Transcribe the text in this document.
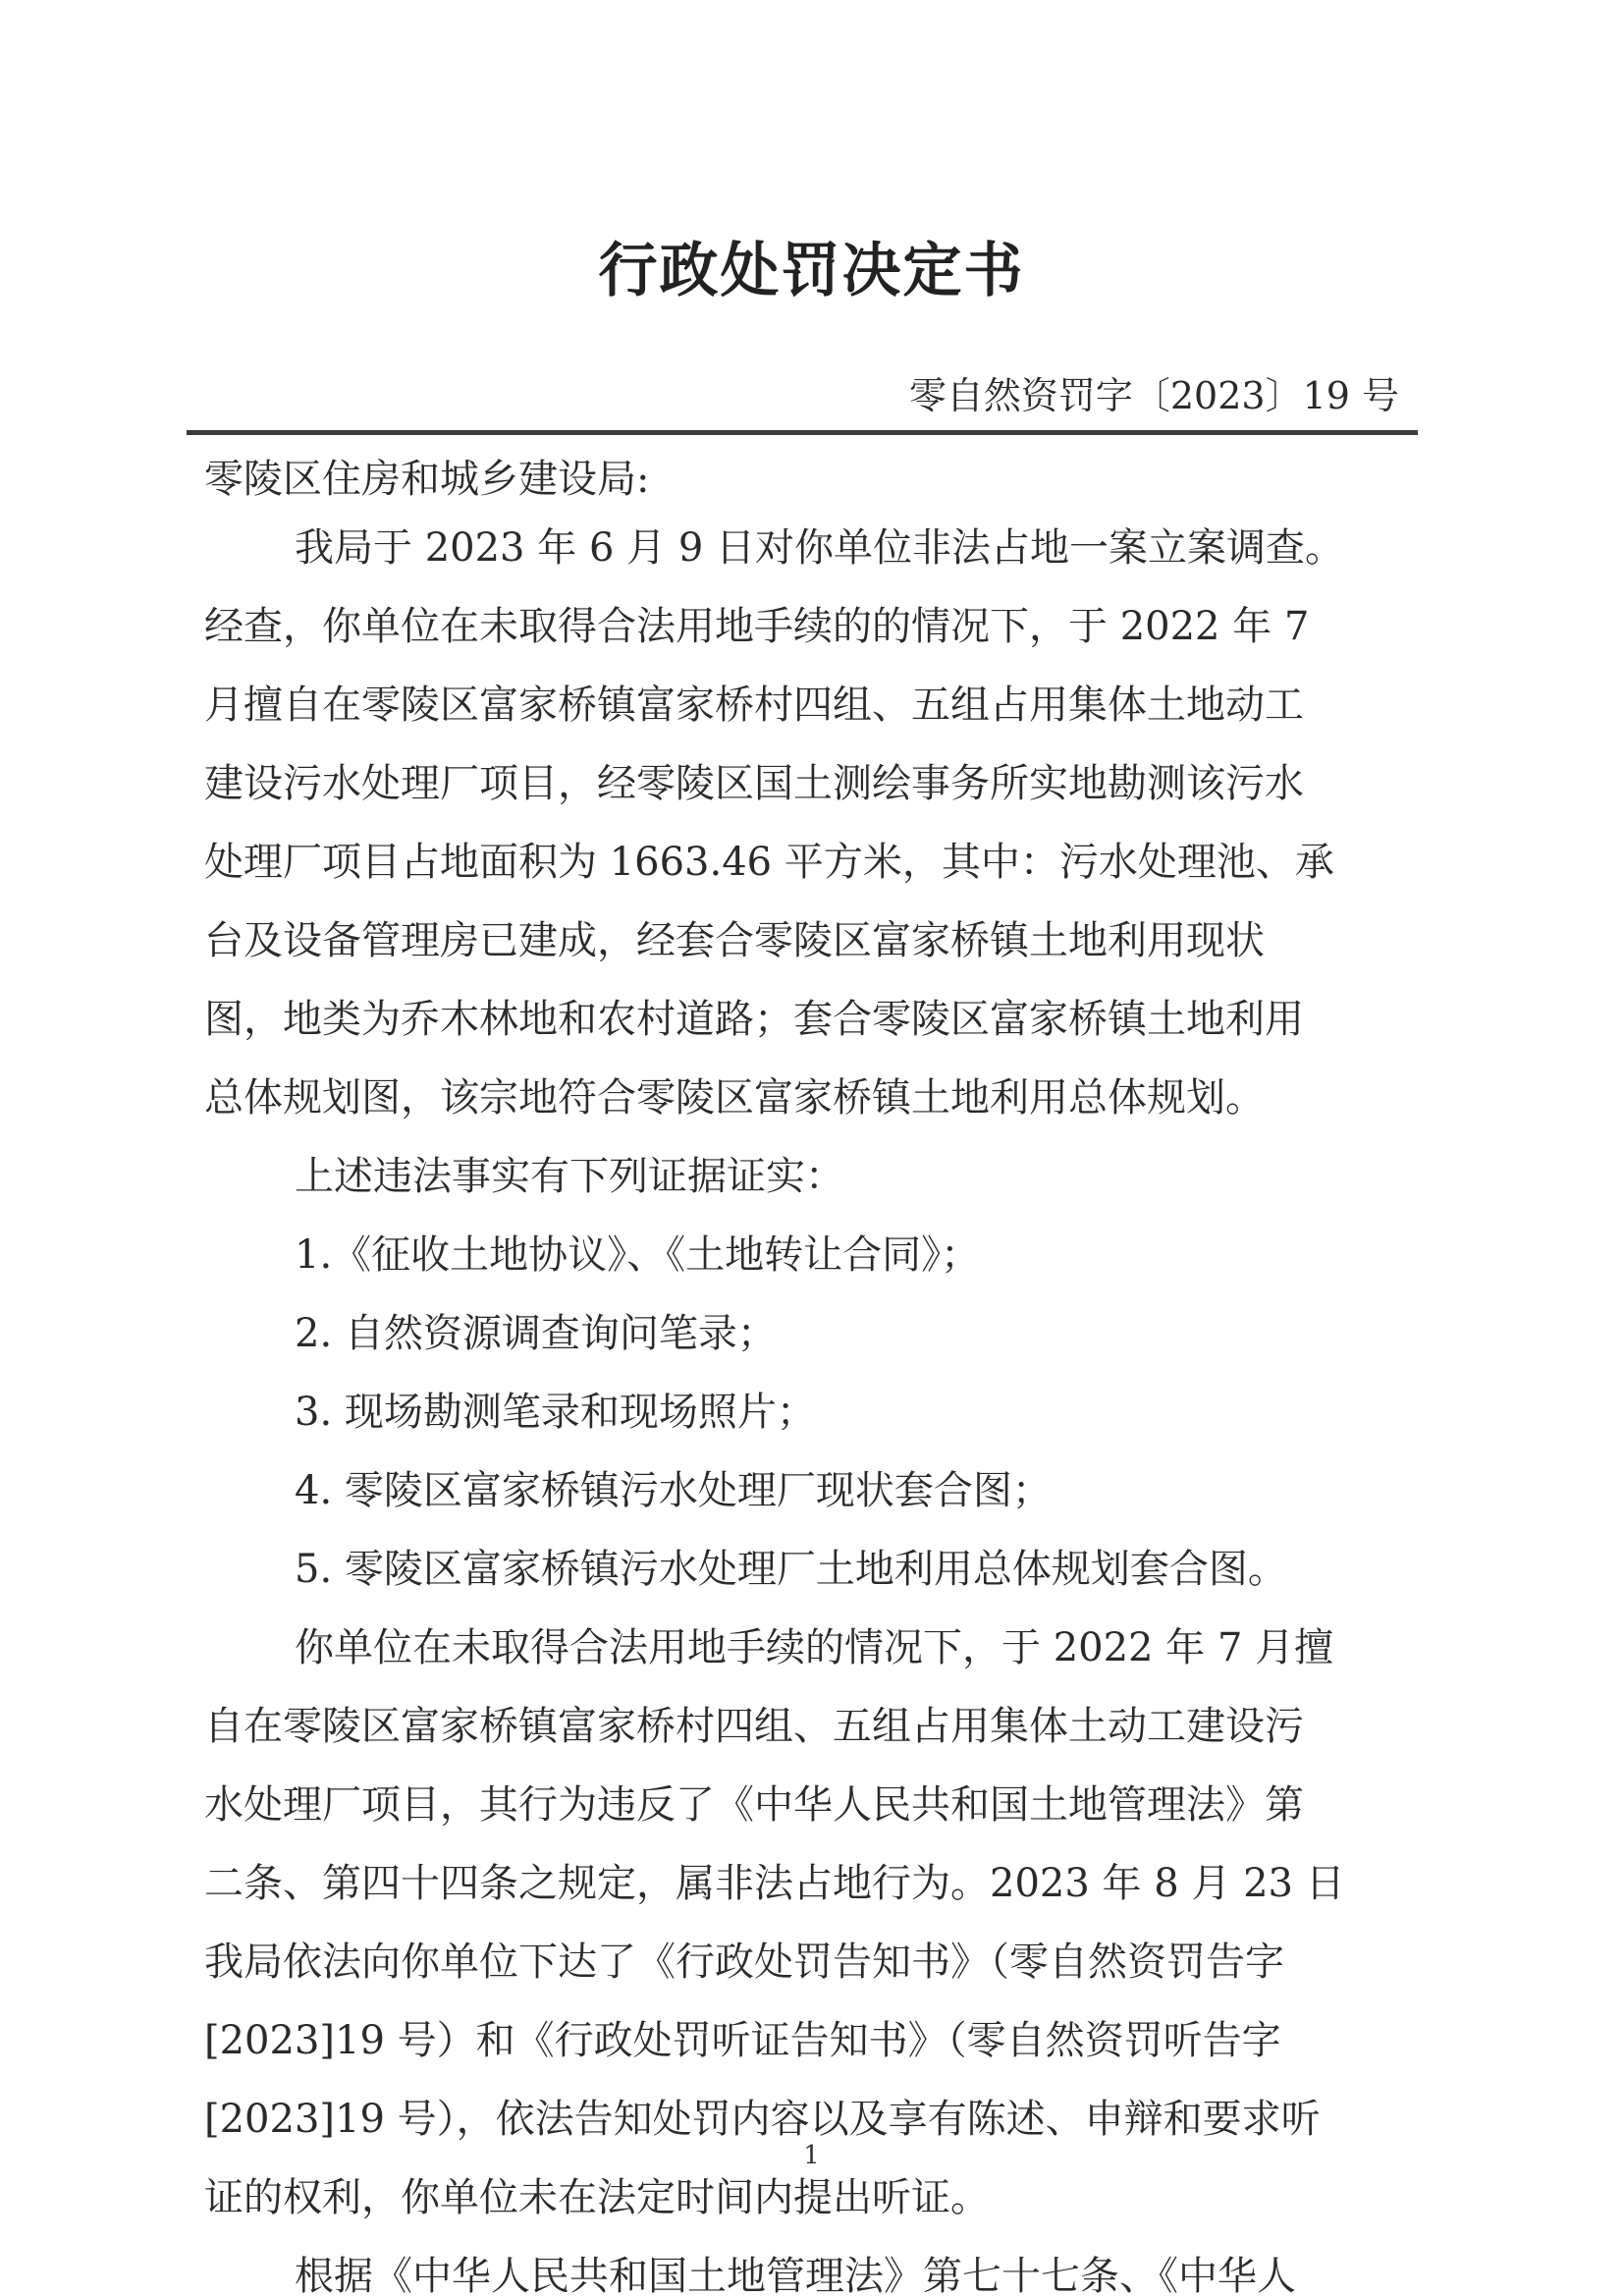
行政处罚决定书
零自然资罚字〔2023〕19 号
零陵区住房和城乡建设局:
我局于 2023 年 6 月 9 日对你单位非法占地一案立案调查。
经查，你单位在未取得合法用地手续的的情况下，于 2022 年 7
月擅自在零陵区富家桥镇富家桥村四组、五组占用集体土地动工
建设污水处理厂项目，经零陵区国土测绘事务所实地勘测该污水
处理厂项目占地面积为 1663.46 平方米，其中：污水处理池、承
台及设备管理房已建成，经套合零陵区富家桥镇土地利用现状
图，地类为乔木林地和农村道路；套合零陵区富家桥镇土地利用
总体规划图，该宗地符合零陵区富家桥镇土地利用总体规划。
上述违法事实有下列证据证实：
1.《征收土地协议》、《土地转让合同》；
2. 自然资源调查询问笔录；
3. 现场勘测笔录和现场照片；
4. 零陵区富家桥镇污水处理厂现状套合图；
5. 零陵区富家桥镇污水处理厂土地利用总体规划套合图。
你单位在未取得合法用地手续的情况下，于 2022 年 7 月擅
自在零陵区富家桥镇富家桥村四组、五组占用集体土动工建设污
水处理厂项目，其行为违反了《中华人民共和国土地管理法》第
二条、第四十四条之规定，属非法占地行为。2023 年 8 月 23 日
我局依法向你单位下达了《行政处罚告知书》（零自然资罚告字
[2023]19 号）和《行政处罚听证告知书》（零自然资罚听告字
[2023]19 号），依法告知处罚内容以及享有陈述、申辩和要求听
证的权利，你单位未在法定时间内提出听证。
根据《中华人民共和国土地管理法》第七十七条、《中华人
1
